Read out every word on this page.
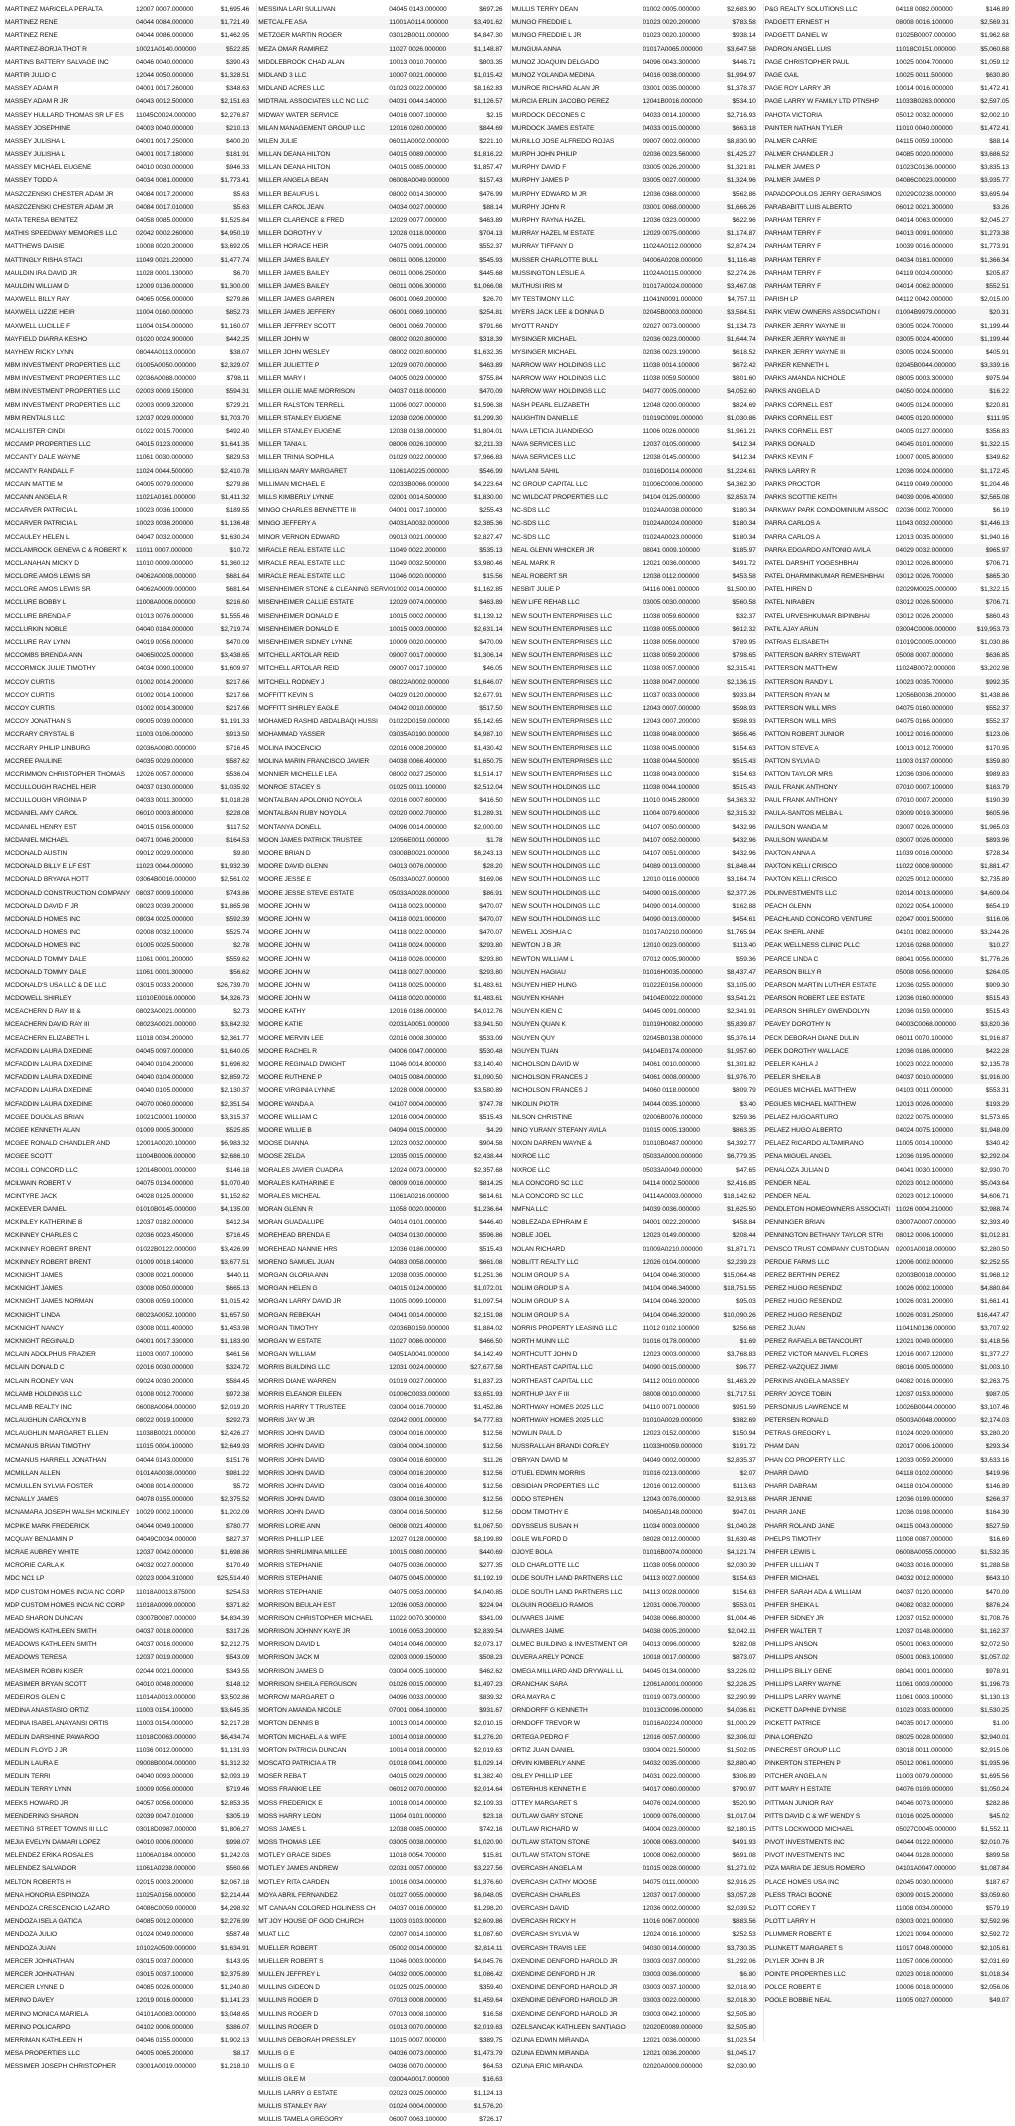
MARTINEZ MARICELA PERALTA	12007 0007.000000	$1,695.46
MARTINEZ RENE	04044 0084.000000	$1,721.49
MARTINEZ RENE	04044 0086.000000	$1,462.95
MARTINEZ-BORJA THOT R	10021A0140.000000	$522.85
MARTINS BATTERY SALVAGE INC	04046 0040.000000	$390.43
MARTIR JULIO C	12044 0050.000000	$1,328.51
MASSEY ADAM R	04001 0017.260000	$348.63
MASSEY ADAM R JR	04043 0012.500000	$2,151.63
MASSEY HULLARD THOMAS SR LF ES	11045C0024.000000	$2,276.87
MASSEY JOSEPHINE	04003 0040.000000	$210.13
MASSEY JULISHA L	04001 0017.250000	$400.20
MASSEY JULISHA L	04001 0017.180000	$181.91
MASSEY MICHAEL EUGENE	04010 0030.000000	$946.33
MASSEY TODD A	04034 0081.000000	$1,773.41
MASZCZENSKI CHESTER ADAM JR	04084 0017.200000	$5.63
MASZCZENSKI CHESTER ADAM JR	04084 0017.010000	$5.63
MATA TERESA BENITEZ	04058 0085.000000	$1,525.84
MATHIS SPEEDWAY MEMORIES LLC	02042 0002.260000	$4,950.19
MATTHEWS DAISIE	10008 0020.200000	$3,692.05
MATTINGLY RISHA STACI	11049 0021.220000	$1,477.74
MAULDIN IRA DAVID JR	11028 0001.130000	$6.70
MAULDIN WILLIAM D	12009 0136.000000	$1,300.00
MAXWELL BILLY RAY	04065 0056.000000	$279.86
MAXWELL LIZZIE HEIR	11004 0160.000000	$852.73
MAXWELL LUCILLE F	11004 0154.000000	$1,160.07
MAYFIELD DIARRA KESHO	01020 0024.900000	$442.25
MAYHEW RICKY LYNN	08044A0113.000000	$38.07
MBM INVESTMENT PROPERTIES LLC	01005A0050.000000	$2,329.07
MBM INVESTMENT PROPERTIES LLC	02036A0088.000000	$798.11
MBM INVESTMENT PROPERTIES LLC	02003 0009.150000	$594.31
MBM INVESTMENT PROPERTIES LLC	02003 0009.320000	$729.21
MBM RENTALS LLC	12037 0029.000000	$1,703.70
MCALLISTER CINDI	01022 0015.700000	$492.40
MCCAMP PROPERTIES LLC	04015 0123.000000	$1,641.35
MCCANTY DALE WAYNE	11061 0030.000000	$829.53
MCCANTY RANDALL F	11024 0044.500000	$2,410.78
MCCAIN MATTIE M	04005 0079.000000	$279.86
MCCANN ANGELA R	11021A0161.000000	$1,411.32
MCCARVER PATRICIA L	10023 0036.100000	$189.55
MCCARVER PATRICIA L	10023 0036.200000	$1,136.48
MCCAULEY HELEN L	04047 0032.000000	$1,630.24
MCCLAMROCK GENEVA C & ROBERT K	11011 0007.000000	$10.72
MCCLANAHAN MICKY D	11010 0009.000000	$1,360.12
MCCLORE AMOS LEWIS SR	04062A0008.000000	$681.64
MCCLORE AMOS LEWIS SR	04062A0009.000000	$681.64
MCCLURE BOBBY L	11008A0006.000000	$216.60
MCCLURE BRENDA F	01013 0076.000000	$1,555.46
MCCLURKIN NOBLE	04040 0184.000000	$2,719.74
MCCLURE RAY LYNN	04019 0056.000000	$470.09
MCCOMBS BRENDA ANN	04065I0025.000000	$3,438.65
MCCORMICK JULIE TIMOTHY	04034 0090.100000	$1,609.97
MCCOY CURTIS	01002 0014.200000	$217.66
MCCOY CURTIS	01002 0014.100000	$217.66
MCCOY CURTIS	01002 0014.300000	$217.66
MCCOY JONATHAN S	09005 0039.000000	$1,191.33
MCCRARY CRYSTAL B	11003 0106.000000	$913.50
MCCRARY PHILIP LINBURG	02036A0080.000000	$716.45
MCCREE PAULINE	04035 0029.000000	$587.62
MCCRIMMON CHRISTOPHER THOMAS	12026 0057.000000	$536.04
MCCULLOUGH RACHEL HEIR	04037 0130.000000	$1,035.92
MCCULLOUGH VIRGINIA P	04033 0011.300000	$1,018.28
MCDANIEL AMY CAROL	06010 0003.800000	$228.08
MCDANIEL HENRY EST	04015 0156.000000	$117.52
MCDANIEL MICHAEL	04071 0046.200000	$164.53
MCDONALD AUSTIN	09012 0029.000000	$9.80
MCDONALD BILLY E LF EST	11023 0044.000000	$1,932.39
MCDONALD BRYANA HOTT	03064B0016.000000	$2,561.02
MCDONALD CONSTRUCTION COMPANY 08037 0009.100000	$743.86
MCDONALD DAVID F JR	08023 0039.200000	$1,865.98
MCDONALD HOMES INC	08034 0025.000000	$592.39
MCDONALD HOMES INC	02008 0032.100000	$525.74
MCDONALD HOMES INC	01005 0025.500000	$2.78
MCDONALD TOMMY DALE	11061 0001.200000	$559.62
MCDONALD TOMMY DALE	11061 0001.300000	$56.62
MCDONALD'S USA LLC & DE LLC	03015 0033.200000	$26,739.70
MCDOWELL SHIRLEY	11010E0016.000000	$4,326.73
MCEACHERN D RAY III &	08023A0021.000000	$2.73
MCEACHERN DAVID RAY III	08023A0021.000000	$3,842.32
MCEACHERN ELIZABETH L	11018 0034.200000	$2,361.77
MCFADDIN LAURA DXEDINE	04045 0097.000000	$1,640.05
MCFADDIN LAURA DXEDINE	04040 0104.200000	$1,696.82
MCFADDIN LAURA DXEDINE	04040 0104.000000	$2,859.72
MCFADDIN LAURA DXEDINE	04040 0105.000000	$2,130.37
MCFADDIN LAURA DXEDINE	04070 0060.000000	$2,351.54
MCGEE DOUGLAS BRIAN	10021C0001.100000	$3,315.37
MCGEE KENNETH ALAN	01009 0005.300000	$525.85
MCGEE RONALD CHANDLER AND	12001A0020.100000	$6,983.32
MCGEE SCOTT	11004B0006.000000	$2,686.10
MCGILL CONCORD LLC	12014B0001.000000	$146.18
MCILWAIN ROBERT V	04075 0134.000000	$1,070.40
MCINTYRE JACK	04028 0125.000000	$1,152.62
MCKEEVER DANIEL	01010B0145.000000	$4,135.00
MCKINLEY KATHERINE B	12037 0182.000000	$412.34
MCKINNEY CHARLES C	02036 0023.450000	$716.45
MCKINNEY ROBERT BRENT	01022B0122.000000	$3,426.99
MCKINNEY ROBERT BRENT	01009 0018.140000	$3,677.51
MCKNIGHT JAMES	03008 0021.000000	$440.11
MCKNIGHT JAMES	03008 0050.000000	$665.13
MCKNIGHT JAMES NORMAN	03008 0059.100000	$1,015.42
MCKNIGHT LINDA	08023A0052.100000	$1,657.50
MCKNIGHT NANCY	03008 0011.400000	$1,453.98
MCKNIGHT REGINALD	04001 0017.330000	$1,183.90
MCLAIN ADOLPHUS FRAZIER	11003 0007.100000	$461.56
MCLAIN DONALD C	02016 0030.000000	$324.72
MCLAIN RODNEY VAN	09024 0030.200000	$584.45
MCLAMB HOLDINGS LLC	01008 0012.700000	$972.38
MCLAMB REALTY INC	06008A0064.000000	$2,019.20
MCLAUGHLIN CAROLYN B	08022 0019.100000	$292.73
MCLAUGHLIN MARGARET ELLEN	11038B0021.000000	$2,426.27
MCMANUS BRIAN TIMOTHY	11015 0004.100000	$2,649.93
MCMANUS HARRELL JONATHAN	04044 0143.000000	$151.76
MCMILLAN ALLEN	01014A0038.000000	$981.22
MCMULLEN SYLVIA FOSTER	04008 0014.000000	$5.72
MCNALLY JAMES	04078 0155.000000	$2,375.52
MCNAMARA JOSEPH WALSH MCKINLEY 10029 0002.100000	$1,202.09
MCPIKE MARK FREDERICK	04044 0049.100000	$780.77
MCQUAY BENJAMIN P	04049C0034.000000	$827.37
MCRAE AUBREY WHITE	12037 0042.000000	$1,698.86
MCRORIE CARLA K	04032 0027.000000	$170.49
MDC NC1 LP	02023 0004.310000	$25,514.40
MDP CUSTOM HOMES INC/A NC CORP	11018A0013.875000	$254.53
MDP CUSTOM HOMES INC/A NC CORP	11018A0099.000000	$371.82
MEAD SHARON DUNCAN	03007B0087.000000	$4,834.39
MEADOWS KATHLEEN SMITH	04037 0018.000000	$317.26
MEADOWS KATHLEEN SMITH	04037 0016.000000	$2,212.75
MEADOWS TERESA	12037 0019.000000	$543.09
MEASIMER ROBIN KISER	02044 0021.000000	$343.55
MEASIMER BRYAN SCOTT	04010 0048.000000	$148.12
MEDEIROS GLEN C	11014A0013.000000	$3,502.86
MEDINA ANASTASIO ORTIZ	11003 0154.100000	$3,645.35
MEDINA ISABEL ANAYANSI ORTIS	11003 0154.000000	$2,217.28
MEDLIN DARSHINE PAWAROO	11018C0063.000000	$6,434.74
MEDLIN FLOYD J JR	11036 0012.000000	$1,131.93
MEDLIN LAURA E	09008B0004.000000	$1,312.32
MEDLIN TERRI	04040 0093.000000	$2,093.19
MEDLIN TERRY LYNN	10009 0056.000000	$719.46
MEEKS HOWARD JR	04057 0056.000000	$2,853.35
MEENDERING SHARON	02039 0047.010000	$305.19
MEETING STREET TOWNS III LLC	03018D0987.000000	$1,806.27
MEJIA EVELYN DAMARI LOPEZ	04010 0006.000000	$998.07
MELENDEZ ERIKA ROSALES	11006A0184.000000	$1,242.03
MELENDEZ SALVADOR	11061A0238.000000	$560.66
MELTON ROBERTS H	02015 0003.200000	$2,067.18
MENA HONORIA ESPINOZA	11025A0156.000000	$2,214.44
MENDOZA CRESCENCIO LAZARO	04086C0059.000000	$4,298.92
MENDOZA ISELA GATICA	04085 0012.000000	$2,276.99
MENDOZA JULIO	01024 0049.000000	$587.48
MENDOZA JUAN	10102A0509.000000	$1,634.91
MERCER JOHNATHAN	03015 0037.000000	$143.95
MERCER JOHNATHAN	03015 0037.100000	$2,375.89
MERCIER LYNNE D	04085 0026.000000	$1,240.80
MERINO DAVEY	12019 0016.000000	$1,141.23
MERINO MONICA MARIELA	04101A0083.000000	$3,048.65
MERINO POLICARPO	04102 0006.000000	$386.07
MERRIMAN KATHLEEN H	04046 0155.000000	$1,902.13
MESA PROPERTIES LLC	04005 0065.200000	$8.17
MESSIMER JOSEPH CHRISTOPHER	03001A0019.000000	$1,218.10
MESSINA LARI SULLIVAN	04045 0143.000000	$697.26
METCALFE ASA	11001A0114.000000	$3,491.62
METZGER MARTIN ROGER	03012B0011.000000	$4,847.30
MEZA OMAR RAMIREZ	11027 0026.000000	$1,148.87
MIDDLEBROOK CHAD ALAN	10013 0010.700000	$803.35
MIDLAND 3 LLC	10007 0021.000000	$1,015.42
MIDLAND ACRES LLC	01023 0022.000000	$8,162.83
MIDTRAIL ASSOCIATES LLC NC LLC	04031 0044.140000	$1,126.57
MIDWAY WATER SERVICE	04016 0007.100000	$2.15
MILAN MANAGEMENT GROUP LLC	12016 0260.000000	$844.69
MILEN JULIE	06011A0002.000000	$221.10
MILLAN DEANA HILTON	04015 0089.000000	$1,816.22
MILLAN DEANA HILTON	04015 0085.000000	$1,857.47
MILLER ANGELA BEAN	06008A0049.000000	$157.43
MILLER BEAUFUS L	08002 0014.300000	$476.99
MILLER CAROL JEAN	04034 0027.000000	$88.14
MILLER CLARENCE & FRED	12029 0077.000000	$463.89
MILLER DOROTHY V	12028 0118.000000	$704.13
MILLER HORACE HEIR	04075 0091.000000	$552.37
MILLER JAMES BAILEY	06011 0006.120000	$545.93
MILLER JAMES BAILEY	06011 0006.250000	$445.68
MILLER JAMES BAILEY	06011 0006.300000	$1,066.08
MILLER JAMES GARREN	06001 0069.200000	$26.70
MILLER JAMES JEFFERY	06001 0069.100000	$254.81
MILLER JEFFREY SCOTT	06001 0069.700000	$791.66
MILLER JOHN W	08002 0020.800000	$318.39
MILLER JOHN WESLEY	08002 0020.600000	$1,632.35
MILLER JULIETTE P	12029 0070.000000	$463.89
MILLER MARY I	04005 0029.000000	$755.84
MILLER OLLIE MAE MORRISON	04037 0118.000000	$470.09
MILLER RALSTON TERRELL	11006 0027.000000	$1,596.38
MILLER STANLEY EUGENE	12038 0206.000000	$1,299.30
MILLER STANLEY EUGENE	12038 0138.000000	$1,804.01
MILLER TANIA L	08006 0026.100000	$2,211.33
MILLER TRINIA SOPHILA	01029 0022.000000	$7,966.83
MILLIGAN MARY MARGARET	11061A0225.000000	$546.99
MILLIMAN MICHAEL E	02033B0066.000000	$4,223.64
MILLS KIMBERLY LYNNE	02001 0014.500000	$1,830.00
MINGO CHARLES BENNETTE III	04001 0017.100000	$255.43
MINGO JEFFERY A	04031A0032.000000	$2,385.36
MINOR VERNON EDWARD	09013 0021.000000	$2,827.47
MIRACLE REAL ESTATE LLC	11049 0022.200000	$535.13
MIRACLE REAL ESTATE LLC	11049 0032.500000	$3,980.46
MIRACLE REAL ESTATE LLC	11046 0020.000000	$15.56
MISENHEIMER STONE & CLEANING SERVI 01002 0014.000000	$1,162.85
MISENHEIMER CALLIE ESTATE	12029 0074.000000	$463.89
MISENHEIMER DONALD E	10015 0002.000000	$1,139.12
MISENHEIMER DONALD E	10015 0003.000000	$2,631.14
MISENHEIMER SIDNEY LYNNE	10009 0020.000000	$470.09
MITCHELL ARTOLAR REID	09007 0017.000000	$1,306.14
MITCHELL ARTOLAR REID	09007 0017.100000	$46.05
MITCHELL RODNEY J	08022A0002.000000	$1,646.07
MOFFITT KEVIN S	04029 0120.000000	$2,677.91
MOFFITT SHIRLEY EAGLE	04042 0010.000000	$517.50
MOHAMED RASHID ABDALBAQI HUSSI	01022D0159.000000	$5,142.65
MOHAMMAD YASSER	03035A0190.000000	$4,987.10
MOLINA INOCENCIO	02016 0008.200000	$1,430.42
MOLINA MARIN FRANCISCO JAVIER	04038 0066.400000	$1,650.75
MONNIER MICHELLE LEA	08002 0027.250000	$1,514.17
MONROE STACEY S	01025 0011.100000	$2,512.04
MONTALBAN APOLONIO NOYOLA	02016 0007.600000	$416.50
MONTALBAN RUBY NOYOLA	02020 0002.700000	$1,289.31
MONTANYA DONELL	04096 0014.000000	$2,000.00
MOON JAMES PATRICK TRUSTEE	12056E0011.000000	$1.78
MOORE BRIAN D	03008B0021.000000	$6,243.13
MOORE DAVID GLENN	04013 0076.000000	$28.20
MOORE JESSE E	05033A0027.000000	$169.06
MOORE JESSE STEVE ESTATE	05033A0028.000000	$86.91
MOORE JOHN W	04118 0023.000000	$470.07
MOORE JOHN W	04118 0021.000000	$470.07
MOORE JOHN W	04118 0022.000000	$470.07
MOORE JOHN W	04118 0024.000000	$293.80
MOORE JOHN W	04118 0026.000000	$293.80
MOORE JOHN W	04118 0027.000000	$293.80
MOORE JOHN W	04118 0025.000000	$1,483.61
MOORE JOHN W	04118 0020.000000	$1,483.61
MOORE KATHY	12016 0186.000000	$4,012.76
MOORE KATIE	02031A0051.000000	$3,941.50
MOORE MERVIN LEE	02016 0008.300000	$533.09
MOORE RACHEL R	04006 0047.000000	$530.48
MOORE REGINALD DWIGHT	11046 0014.800000	$3,140.40
MOORE RUTHENE P	04015 0084.000000	$1,090.50
MOORE VIRGINIA LYNNE	12028 0008.000000	$3,580.89
MOORE WANDA A	04107 0004.000000	$747.78
MOORE WILLIAM C	12016 0004.000000	$515.43
MOORE WILLIE B	04094 0015.000000	$4.29
MOOSE DIANNA	12023 0032.000000	$904.58
MOOSE ZELDA	12035 0015.000000	$2,438.44
MORALES JAVIER CUADRA	12024 0073.000000	$2,357.68
MORALES KATHARINE E	08009 0016.000000	$814.25
MORALES MICHEAL	11061A0216.000000	$614.61
MORAN GLENN R	11058 0020.000000	$1,236.64
MORAN GUADALUPE	04014 0101.000000	$446.40
MOREHEAD BRENDA E	04034 0130.000000	$596.86
MOREHEAD NANNIE HRS	12036 0186.000000	$515.43
MORENO SAMUEL JUAN	04083 0058.000000	$661.08
MORGAN GLORIA ANN	12038 0035.000000	$1,251.36
MORGAN HELEN G	04015 0124.000000	$1,072.01
MORGAN LARRY DAVID JR	11005 0099.100000	$1,097.54
MORGAN REBEKAH	04041 0014.000000	$2,151.98
MORGAN TIMOTHY	02036B0159.000000	$1,884.02
MORGAN W ESTATE	11027 0086.000000	$466.50
MORGAN WILLIAM	04051A0041.000000	$4,142.49
MORRIS BUILDING LLC	12031 0024.000000	$27,677.58
MORRIS DIANE WARREN	01019 0027.000000	$1,837.23
MORRIS ELEANOR EILEEN	01006C0033.000000	$3,651.93
MORRIS HARRY T TRUSTEE	03004 0016.700000	$1,452.86
MORRIS JAY W JR	02042 0001.000000	$4,777.83
MORRIS JOHN DAVID	03004 0016.000000	$12.56
MORRIS JOHN DAVID	03004 0004.100000	$12.56
MORRIS JOHN DAVID	03004 0016.600000	$11.26
MORRIS JOHN DAVID	03004 0016.200000	$12.56
MORRIS JOHN DAVID	03004 0016.400000	$12.56
MORRIS JOHN DAVID	03004 0016.300000	$12.56
MORRIS JOHN DAVID	03004 0016.500000	$12.56
MORRIS LORIE ANN	06008 0021.400000	$1,067.50
MORRIS PHILLIP LEE	12027 0128.000000	$8,199.89
MORRIS SHIRLIMINA MILLEE	10015 0080.000000	$440.69
MORRIS STEPHANIE	04075 0036.000000	$277.35
MORRIS STEPHANIE	04075 0045.000000	$1,192.19
MORRIS STEPHANIE	04075 0053.000000	$4,040.85
MORRISON BEULAH EST	12036 0053.000000	$224.94
MORRISON CHRISTOPHER MICHAEL	11022 0070.300000	$341.09
MORRISON JOHNNY KAYE JR	10016 0053.200000	$2,839.54
MORRISON DAVID L	04014 0046.000000	$2,073.17
MORRISON JACK M	02003 0009.150000	$508.23
MORRISON JAMES D	03004 0005.100000	$462.62
MORRISON SHEILA FERGUSON	01026 0015.000000	$1,497.23
MORROW MARGARET O	04096 0033.000000	$839.32
MORTON AMANDA NICOLE	07001 0064.100000	$931.67
MORTON DENNIS B	10013 0014.000000	$2,010.15
MORTON MICHAEL A & WIFE	10014 0018.000000	$1,276.20
MORTON PATRICIA DUNCAN	10014 0018.000000	$2,019.63
MOSCATO PATRICIA A TR	01018 0041.000000	$1,029.14
MOSER REBA T	04015 0029.000000	$1,382.40
MOSS FRANKIE LEE	06012 0070.000000	$2,014.64
MOSS FREDERICK E	10018 0014.000000	$2,109.33
MOSS HARRY LEON	11004 0101.000000	$23.18
MOSS JAMES L	12038 0085.000000	$742.16
MOSS THOMAS LEE	03005 0038.000000	$1,020.90
MOTLEY GRACE SIDES	11018 0054.700000	$15.81
MOTLEY JAMES ANDREW	02031 0057.000000	$3,227.56
MOTLEY RITA CARDEN	10016 0034.000000	$1,376.60
MOYA ABRIL FERNANDEZ	01027 0055.000000	$6,048.05
MT CANAAN COLORED HOLINESS CH	04037 0016.000000	$1,298.20
MT JOY HOUSE OF GOD CHURCH	11003 0103.000000	$2,609.86
MUAT LLC	02007 0014.100000	$1,087.60
MUELLER ROBERT	05002 0014.000000	$2,814.11
MUELLER ROBERT S	11046 0003.000000	$4,045.76
MULLEN JEFFREY L	04032 0005.000000	$1,086.42
MULLINS GIDEON D	01025 0025.000000	$359.40
MULLINS ROGER D	07013 0008.000000	$1,459.64
MULLINS ROGER D	07013 0008.100000	$16.58
MULLINS ROGER D	01013 0070.000000	$2,019.63
MULLINS DEBORAH PRESSLEY	11015 0007.000000	$389.75
MULLIS G E	04036 0073.000000	$1,473.79
MULLIS G E	04036 0070.000000	$64.53
MULLIS GILE M	03004A0017.000000	$16.63
MULLIS LARRY G ESTATE	02023 0025.000000	$1,124.13
MULLIS STANLEY RAY	01024 0004.000000	$1,576.20
MULLIS TAMELA GREGORY	06007 0063.100000	$726.17
MULLIS TERRY DEAN	01002 0005.000000	$2,683.90
MUNGO FREDDIE L	01023 0020.200000	$783.58
MUNGO FREDDIE L JR	01023 0020.100000	$938.14
MUNGUIA ANNA	01017A0065.000000	$3,647.58
MUNOZ JOAQUIN DELGADO	04096 0043.300000	$446.71
MUNOZ YOLANDA MEDINA	04016 0038.000000	$1,994.97
MUNROE RICHARD ALAN JR	03001 0035.000000	$1,378.37
MURCIA ERLIN JACOBO PEREZ	12041B0016.000000	$534.10
MURDOCK DECONES C	04033 0014.100000	$2,716.93
MURDOCK JAMES ESTATE	04033 0015.000000	$663.18
MURILLO JOSE ALFREDO ROJAS	09007 0002.000000	$8,830.90
MURPH JOHN PHILIP	02036 0023.560000	$1,425.27
MURPHY DAVID F	03005 0026.200000	$1,321.81
MURPHY JAMES P	03005 0027.000000	$1,324.96
MURPHY EDWARD M JR	12036 0368.000000	$562.86
MURPHY JOHN R	03001 0068.000000	$1,666.26
MURPHY RAYNA HAZEL	12036 0323.000000	$622.96
MURRAY HAZEL M ESTATE	12029 0075.000000	$1,174.87
MURRAY TIFFANY D	11024A0112.000000	$2,874.24
MUSSER CHARLOTTE BULL	04006A0208.000000	$1,116.48
MUSSINGTON LESLIE A	11024A0115.000000	$2,274.26
MUTHUSI IRIS M	01017A0024.000000	$3,467.08
MY TESTIMONY LLC	11041N0091.000000	$4,757.11
MYERS JACK LEE & DONNA D	02045B0003.000000	$3,584.51
MYOTT RANDY	02027 0073.000000	$1,134.73
MYSINGER MICHAEL	02036 0023.000000	$1,644.74
MYSINGER MICHAEL	02036 0023.190000	$618.52
NARROW WAY HOLDINGS LLC	11038 0014.100000	$672.42
NARROW WAY HOLDINGS LLC	11038 0059.500000	$801.60
NARROW WAY HOLDINGS LLC	04077 0005.000000	$4,052.60
NASH PEARL ELIZABETH	12048 0200.000000	$824.69
NAUGHTIN DANIELLE	01019C0091.000000	$1,030.86
NAVA LETICIA JUANDIEGO	11006 0026.000000	$1,961.21
NAVA SERVICES LLC	12037 0105.000000	$412.34
NAVA SERVICES LLC	12038 0145.000000	$412.34
NAVLANI SAHIL	01016D0114.000000	$1,224.61
NC GROUP CAPITAL LLC	01006C0006.000000	$4,362.30
NC WILDCAT PROPERTIES LLC	04104 0125.000000	$2,853.74
NC-SDS LLC	01024A0038.000000	$180.34
NC-SDS LLC	01024A0024.000000	$180.34
NC-SDS LLC	01024A0023.000000	$180.34
NEAL GLENN WHICKER JR	08041 0009.100000	$185.97
NEAL MARK R	12021 0036.000000	$491.72
NEAL ROBERT SR	12038 0112.000000	$453.58
NESBIT JULIE P	04116 0061.000000	$1,500.00
NEW LIFE REHAB LLC	03005 0030.000000	$560.58
NEW SOUTH ENTERPRISES LLC	11038 0059.600000	$32.37
NEW SOUTH ENTERPRISES LLC	11038 0055.000000	$612.32
NEW SOUTH ENTERPRISES LLC	11038 0056.000000	$789.95
NEW SOUTH ENTERPRISES LLC	11038 0059.200000	$798.65
NEW SOUTH ENTERPRISES LLC	11038 0057.000000	$2,315.41
NEW SOUTH ENTERPRISES LLC	11038 0047.000000	$2,136.15
NEW SOUTH ENTERPRISES LLC	11037 0033.000000	$933.84
NEW SOUTH ENTERPRISES LLC	12043 0007.000000	$598.93
NEW SOUTH ENTERPRISES LLC	12043 0007.200000	$598.93
NEW SOUTH ENTERPRISES LLC	11038 0048.000000	$656.46
NEW SOUTH ENTERPRISES LLC	11038 0045.000000	$154.63
NEW SOUTH ENTERPRISES LLC	11038 0044.500000	$515.43
NEW SOUTH ENTERPRISES LLC	11038 0043.000000	$154.63
NEW SOUTH HOLDINGS LLC	11038 0044.100000	$515.43
NEW SOUTH HOLDINGS LLC	11010 0045.280000	$4,363.32
NEW SOUTH HOLDINGS LLC	11004 0079.600000	$2,315.32
NEW SOUTH HOLDINGS LLC	04107 0050.000000	$432.96
NEW SOUTH HOLDINGS LLC	04107 0052.000000	$432.96
NEW SOUTH HOLDINGS LLC	04107 0051.000000	$432.96
NEW SOUTH HOLDINGS LLC	04089 0013.000000	$1,848.44
NEW SOUTH HOLDINGS LLC	12010 0116.000000	$3,164.74
NEW SOUTH HOLDINGS LLC	04090 0015.000000	$2,377.26
NEW SOUTH HOLDINGS LLC	04090 0014.000000	$162.88
NEW SOUTH HOLDINGS LLC	04090 0013.000000	$454.61
NEWELL JOSHUA C	01017A0210.000000	$1,765.94
NEWTON J B JR	12010 0023.000000	$113.40
NEWTON WILLIAM L	07012 0005.900000	$59.36
NGUYEN HAGIAU	01016H0035.000000	$8,437.47
NGUYEN HIEP HUNG	01022E0156.000000	$3,105.00
NGUYEN KHANH	04104E0022.000000	$3,541.21
NGUYEN KIEN C	04045 0091.000000	$2,341.91
NGUYEN QUAN K	01019H0082.000000	$5,839.87
NGUYEN QUY	02045B0138.000000	$5,376.14
NGUYEN TUAN	04104E0174.000000	$1,957.60
NICHOLSON DAVID W	04061 0010.000000	$1,301.82
NICHOLSON FRANCES J	04061 0008.000000	$1,976.70
NICHOLSON FRANCES J	04060 0118.000000	$809.79
NIKOLIN PIOTR	04044 0035.100000	$3.40
NILSON CHRISTINE	02006B0076.000000	$259.36
NINO YURANY STEFANY AVILA	01015 0005.130000	$863.35
NIXON DARREN WAYNE &	01010B0487.000000	$4,392.77
NIXROE LLC	05033A0000.000000	$6,779.35
NIXROE LLC	05033A0049.000000	$47.65
NLA CONCORD SC LLC	04114 0002.500000	$2,416.85
NLA CONCORD SC LLC	04114A0003.000000	$18,142.62
NMFNA LLC	04039 0036.000000	$1,625.50
NOBLEZADA EPHRAIM E	04001 0022.200000	$458.84
NOBLE JOEL	12023 0149.000000	$208.44
NOLAN RICHARD	01009A0210.000000	$1,871.71
NOBLITT REALTY LLC	12026 0104.000000	$2,239.23
NOLIM GROUP S A	04104 0046.300000	$15,064.48
NOLIM GROUP S A	04104 0046.340000	$18,751.55
NOLIM GROUP S A	04104 0046.320000	$95.03
NOLIM GROUP S A	04104 0046.320000	$10,090.26
NORRIS PROPERTY LEASING LLC	11012 0102.100000	$256.68
NORTH MUNN LLC	01016 0178.000000	$1.69
NORTHCUTT JOHN D	12023 0003.000000	$3,768.83
NORTHEAST CAPITAL LLC	04090 0015.000000	$96.77
NORTHEAST CAPITAL LLC	04112 0010.000000	$1,463.29
NORTHUP JAY F III	08008 0010.000000	$1,717.51
NORTHWAY HOMES 2025 LLC	04110 0071.000000	$951.59
NORTHWAY HOMES 2025 LLC	01010A0029.000000	$382.69
NOWLIN PAUL D	12023 0152.000000	$150.94
NUSSRALLAH BRANDI CORLEY	11033H0059.000000	$191.72
O'BRYAN DAVID M	04049 0002.000000	$2,835.37
O'TUEL EDWIN MORRIS	01016 0213.000000	$2.07
OBSIDIAN PROPERTIES LLC	12016 0012.000000	$113.63
ODDO STEPHEN	12043 0076.000000	$2,913.68
ODOM TIMOTHY E	04065A0148.000000	$947.01
ODYSSEUS SUSAN H	11034 0003.000000	$1,040.28
OGLE WILFORD D	08028 0012.000000	$1,639.48
OJOYE BOLA	01016B0074.000000	$4,121.74
OLD CHARLOTTE LLC	11038 0056.000000	$2,030.39
OLDE SOUTH LAND PARTNERS LLC	04113 0027.000000	$154.63
OLDE SOUTH LAND PARTNERS LLC	04113 0028.000000	$154.63
OLGUIN ROGELIO RAMOS	12031 0006.700000	$553.01
OLIVARES JAIME	04038 0066.800000	$1,004.46
OLIVARES JAIME	04038 0005.200000	$2,042.11
OLMEC BUILDING & INVESTMENT GR	04013 0096.000000	$282.08
OLVERA ARELY PONCE	10018 0017.000000	$873.07
OMEGA MILLIARD AND DRYWALL LL	04045 0134.000000	$3,226.02
ORANCHAK SARA	12061A0001.000000	$2,226.25
ORA MAYRA C	01019 0073.000000	$2,290.99
ORNDORFF G KENNETH	01013C0096.000000	$4,036.61
ORNDOFF TREVOR W	01016A0224.000000	$1,000.29
ORTEGA PEDRO F	12016 0057.000000	$2,306.02
ORTIZ JUAN DANIEL	03004 0021.500000	$1,502.05
ORVIN KIMBERLY ANNE	04032 0035.000000	$2,880.40
OSLEY PHILLIP LEE	04031 0022.000000	$306.89
OSTERHUS KENNETH E	04017 0060.000000	$790.97
OTTEY MARGARET S	04076 0024.000000	$520.90
OUTLAW GARY STONE	10009 0076.000000	$1,017.04
OUTLAW RICHARD W	04004 0023.000000	$2,180.15
OUTLAW STATON STONE	10008 0063.000000	$491.93
OUTLAW STATON STONE	10008 0062.000000	$691.08
OVERCASH ANGELA M	01015 0028.000000	$1,271.02
OVERCASH CATHY MOOSE	04075 0111.000000	$2,916.25
OVERCASH CHARLES	12037 0017.000000	$3,057.28
OVERCASH DAVID	12036 0002.000000	$2,039.52
OVERCASH RICKY H	11016 0067.000000	$883.56
OVERCASH SYLVIA W	12024 0016.100000	$252.53
OVERCASH TRAVIS LEE	04030 0014.000000	$3,730.35
OXENDINE DENFORD HAROLD JR	03003 0037.000000	$1,292.06
OXENDINE DENFORD H JR	03003 0036.000000	$6.80
OXENDINE DENFORD HAROLD JR	03003 0037.100000	$2,018.90
OXENDINE DENFORD HAROLD JR	03003 0022.000000	$2,018.30
OXENDINE DENFORD HAROLD JR	03003 0042.100000	$2,505.80
OZELSANCAK KATHLEEN SANTIAGO	02020E0089.000000	$2,505.80
OZUNA EDWIN MIRANDA	12021 0036.000000	$1,023.54
OZUNA EDWIN MIRANDA	12021 0036.200000	$1,045.17
OZUNA ERIC MIRANDA	02020A0009.000000	$2,030.90
P&G REALTY SOLUTIONS LLC	04118 0082.000000	$146.89
PADGETT ERNEST H	08008 0016.100000	$2,569.31
PADGETT DANIEL W	01025B0007.000000	$1,962.68
PADRON ANGEL LUIS	11018C0151.000000	$5,060.68
PAGE CHRISTOPHER PAUL	10025 0004.700000	$1,059.12
PAGE GAIL	10025 0011.500000	$630.80
PAGE ROY LARRY JR	10014 0016.000000	$1,472.41
PAGE LARRY W FAMILY LTD PTNSHP	11033B0263.000000	$2,597.05
PAHOTA VICTORIA	05012 0032.000000	$2,002.10
PAINTER NATHAN TYLER	11010 0040.000000	$1,472.41
PALMER CARRIE	04115 0059.100000	$88.14
PALMER CHANDLER J	04085 0020.000000	$3,686.52
PALMER JAMES P	01023C0136.000000	$3,835.13
PALMER JAMES P	04086C0023.000000	$3,935.77
PAPADOPOULOS JERRY GERASIMOS	02029C0238.000000	$3,695.94
PARABABITT LUIS ALBERTO	06012 0021.300000	$3.26
PARHAM TERRY F	04014 0063.000000	$2,045.27
PARHAM TERRY F	04013 0091.000000	$1,273.38
PARHAM TERRY F	10039 0016.000000	$1,773.91
PARHAM TERRY F	04034 0161.000000	$1,366.34
PARHAM TERRY F	04119 0024.000000	$205.87
PARHAM TERRY F	04014 0062.000000	$552.51
PARISH LP	04112 0042.000000	$2,015.00
PARK VIEW OWNERS ASSOCIATION I	01004B9979.000000	$20.31
PARKER JERRY WAYNE III	03005 0024.700000	$1,199.44
PARKER JERRY WAYNE III	03005 0024.400000	$1,199.44
PARKER JERRY WAYNE III	03005 0024.500000	$405.91
PARKER KENNETH L	02045B0044.000000	$3,339.16
PARKS AMANDA NICHOLE	08005 0003.300000	$975.94
PARKS ANGELA D	04050 0024.000000	$16.22
PARKS CORNELL EST	04005 0124.000000	$220.81
PARKS CORNELL EST	04005 0120.000000	$111.95
PARKS CORNELL EST	04005 0127.000000	$356.83
PARKS DONALD	04045 0101.000000	$1,322.15
PARKS KEVIN F	10007 0005.800000	$349.62
PARKS LARRY R	12036 0024.000000	$1,172.45
PARKS PROCTOR	04119 0049.000000	$1,204.46
PARKS SCOTTIE KEITH	04039 0006.400000	$2,565.08
PARKWAY PARK CONDOMINIUM ASSOC	02036 0002.700000	$6.19
PARRA CARLOS A	11043 0032.000000	$1,446.13
PARRA CARLOS A	12013 0035.000000	$1,940.16
PARRA EDGARDO ANTONIO AVILA	04029 0032.000000	$965.97
PATEL DARSHIT YOGESHBHAI	03012 0026.800000	$706.71
PATEL DHARMINKUMAR REMESHBHAI	03012 0026.700000	$865.30
PATEL HIREN D	02029M0025.000000	$1,322.15
PATEL NIRABEN	03012 0026.500000	$706.71
PATEL URVESHKUMAR BIPINBHAI	03012 0026.200000	$860.43
PATIL AJAY ARUN	03004C0006.000000	$19,953.73
PATRIAS ELISABETH	01019C0005.000000	$1,030.86
PATTERSON BARRY STEWART	05008 0007.000000	$636.85
PATTERSON MATTHEW	11024B0072.000000	$3,202.98
PATTERSON RANDY L	10023 0035.700000	$992.35
PATTERSON RYAN M	12056B0036.200000	$1,438.86
PATTERSON WILL MRS	04075 0160.000000	$552.37
PATTERSON WILL MRS	04075 0166.000000	$552.37
PATTON ROBERT JUNIOR	10012 0016.000000	$123.06
PATTON STEVE A	10013 0012.700000	$170.95
PATTON SYLVIA D	11003 0137.000000	$359.80
PATTON TAYLOR MRS	12036 0306.000000	$989.83
PAUL FRANK ANTHONY	07010 0007.100000	$163.79
PAUL FRANK ANTHONY	07010 0007.200000	$190.39
PAULA-SANTOS MELBA L	03009 0019.300000	$605.96
PAULSON WANDA M	03007 0026.000000	$1,965.03
PAULSON WANDA M	03007 0026.000000	$893.96
PAXTON ANNA A	11039 0016.000000	$728.34
PAXTON KELLI CRISCO	11022 0008.900000	$1,881.47
PAXTON KELLI CRISCO	02025 0012.000000	$2,735.89
PDLINVESTMENTS LLC	02014 0013.000000	$4,609.04
PEACH GLENN	02022 0054.100000	$654.19
PEACHLAND CONCORD VENTURE	02047 0001.500000	$116.06
PEAK SHERL ANNE	04101 0082.000000	$3,244.26
PEAK WELLNESS CLINIC PLLC	12016 0268.000000	$10.27
PEARCE LINDA C	08041 0056.000000	$1,776.26
PEARSON BILLY R	05008 0056.000000	$264.05
PEARSON MARTIN LUTHER ESTATE	12036 0255.000000	$909.30
PEARSON ROBERT LEE ESTATE	12036 0160.000000	$515.43
PEARSON SHIRLEY GWENDOLYN	12036 0159.000000	$515.43
PEAVEY DOROTHY N	04003C0068.000000	$3,820.36
PECK DEBORAH DIANE DULIN	06011 0070.100000	$1,916.87
PEEK DOROTHY WALLACE	12036 0186.000000	$422.28
PEELER KAHLA J	10023 0022.000000	$2,135.78
PEELER SHEILA B	04037 0010.000000	$1,916.00
PEGUES MICHAEL MATTHEW	04103 0011.000000	$553.31
PEGUES MICHAEL MATTHEW	12013 0026.000000	$193.29
PELAEZ HUGOARTURO	02022 0075.000000	$1,573.65
PELAEZ HUGO ALBERTO	04024 0075.100000	$1,948.09
PELAEZ RICARDO ALTAMIRANO	11005 0014.100000	$340.42
PENA MIGUEL ANGEL	12036 0195.000000	$2,292.04
PENALOZA JULIAN D	04041 0030.100000	$2,930.70
PENDER NEAL	02023 0012.000000	$5,043.64
PENDER NEAL	02023 0012.100000	$4,606.71
PENDLETON HOMEOWNERS ASSOCIATI 11026 0004.210000	$2,988.74
PENNINGER BRIAN	03007A0007.000000	$2,393.49
PENNINGTON BETHANY TAYLOR STRI	08012 0006.100000	$1,012.81
PENSCO TRUST COMPANY CUSTODIAN	02001A0018.000000	$2,280.50
PERDUE FARMS LLC	12006 0002.000000	$2,252.55
PEREZ BERTHIN PEREZ	02003B0018.000000	$1,968.12
PEREZ HUGO RESENDIZ	10026 0002.100000	$4,880.84
PEREZ HUGO RESENDIZ	10026 0031.200000	$1,661.41
PEREZ HUGO RESENDIZ	10026 0031.250000	$16,447.47
PEREZ JUAN	11041N0136.000000	$3,707.92
PEREZ RAFAELA BETANCOURT	12021 0049.000000	$1,418.56
PEREZ VICTOR MANVEL FLORES	12016 0007.120000	$1,377.27
PEREZ-VAZQUEZ JIMMI	08016 0005.000000	$1,003.10
PERKINS ANGELA MASSEY	04082 0016.000000	$2,263.75
PERRY JOYCE TOBIN	12037 0153.000000	$987.05
PERSONIUS LAWRENCE M	10026B0044.000000	$3,107.46
PETERSEN RONALD	05003A0048.000000	$2,174.03
PETRAS GREGORY L	01024 0029.000000	$3,280.20
PHAM DAN	02017 0006.100000	$293.34
PHAN CO PROPERTY LLC	12033 0059.200000	$3,633.16
PHARR DAVID	04118 0102.000000	$419.96
PHARR DABRAM	04118 0104.000000	$146.89
PHARR JENNIE	12036 0199.000000	$266.37
PHARR JANE	12036 0198.000000	$164.39
PHARR ROLAND JANE	04115 0043.000000	$527.59
PHELPS TIMOTHY	11008 0087.000000	$16.69
PHIFER LEWIS L	06008A0055.000000	$1,532.35
PHIFER LILLIAN T	04033 0016.000000	$1,288.58
PHIFER MICHAEL	04032 0012.000000	$643.10
PHIFER SARAH ADA & WILLIAM	04037 0120.000000	$470.09
PHIFER SHEIKA L	04082 0032.000000	$876.24
PHIFER SIDNEY JR	12037 0152.000000	$1,708.76
PHIFER WALTER T	12037 0148.000000	$1,162.37
PHILLIPS ANSON	05001 0063.000000	$2,072.50
PHILLIPS ANSON	05001 0063.100000	$1,057.02
PHILLIPS BILLY GENE	08041 0001.000000	$978.91
PHILLIPS LARRY WAYNE	11061 0003.000000	$1,196.73
PHILLIPS LARRY WAYNE	11061 0003.100000	$1,130.13
PICKETT DAPHNE DYNISE	01023 0033.000000	$1,530.25
PICKETT PATRICE	04035 0017.000000	$1.00
PINA LORENZO	08025 0028.000000	$2,940.01
PINECREST GROUP LLC	03018 0011.000000	$2,915.06
PINKERTON STEPHEN P	05012 0061.000000	$1,935.96
PITCHER ANGELA N	11003 0079.000000	$1,695.56
PITT MARY H ESTATE	04076 0109.000000	$1,050.24
PITTMAN JUNIOR RAY	04046 0073.000000	$282.86
PITTS DAVID C & WF WENDY S	01016 0025.000000	$45.02
PITTS LOCKWOOD MICHAEL	05027C0045.000000	$1,552.11
PIVOT INVESTMENTS INC	04044 0122.000000	$2,010.76
PIVOT INVESTMENTS INC	04044 0128.000000	$899.58
PIZA MARIA DE JESUS ROMERO	04101A0047.000000	$1,087.84
PLACE HOMES USA INC	02045 0030.000000	$187.67
PLESS TRACI BOONE	03009 0015.200000	$3,059.60
PLOTT COREY T	11008 0034.000000	$579.19
PLOTT LARRY H	03003 0021.000000	$2,592.96
PLUMMER ROBERT E	12021 0094.000000	$2,592.72
PLUNKETT MARGARET S	11017 0048.000000	$2,105.61
PLYLER JOHN B JR	11057 0006.000000	$2,031.69
POINTE PROPERTIES LLC	02023 0018.000000	$1,018.34
POLCE ROBERT E	10006 0018.000000	$2,056.06
POOLE BOBBIE NEAL	11005 0027.000000	$49.07
